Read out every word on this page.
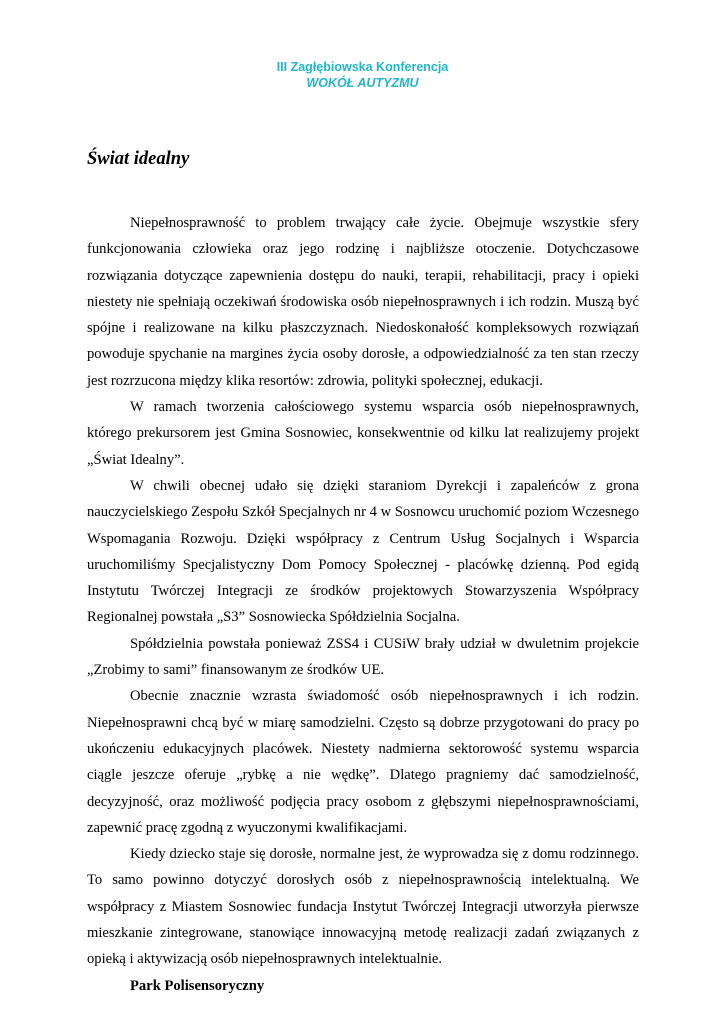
III Zagłębiowska Konferencja
WOKÓŁ AUTYZMU
Świat idealny

Niepełnosprawność to problem trwający całe życie. Obejmuje wszystkie sfery funkcjonowania człowieka oraz jego rodzinę i najbliższe otoczenie. Dotychczasowe rozwiązania dotyczące zapewnienia dostępu do nauki, terapii, rehabilitacji, pracy i opieki niestety nie spełniają oczekiwań środowiska osób niepełnosprawnych i ich rodzin. Muszą być spójne i realizowane na kilku płaszczyznach. Niedoskonałość kompleksowych rozwiązań powoduje spychanie na margines życia osoby dorosłe, a odpowiedzialność za ten stan rzeczy jest rozrzucona między klika resortów: zdrowia, polityki społecznej, edukacji.

W ramach tworzenia całościowego systemu wsparcia osób niepełnosprawnych, którego prekursorem jest Gmina Sosnowiec, konsekwentnie od kilku lat realizujemy projekt „Świat Idealny”.

W chwili obecnej udało się dzięki staraniom Dyrekcji i zapaleńców z grona nauczycielskiego Zespołu Szkół Specjalnych nr 4 w Sosnowcu uruchomić poziom Wczesnego Wspomagania Rozwoju. Dzięki współpracy z Centrum Usług Socjalnych i Wsparcia uruchomiliśmy Specjalistyczny Dom Pomocy Społecznej - placówkę dzienną. Pod egidą Instytutu Twórczej Integracji ze środków projektowych Stowarzyszenia Współpracy Regionalnej powstała „S3” Sosnowiecka Spółdzielnia Socjalna.

Spółdzielnia powstała ponieważ ZSS4 i CUSiW brały udział w dwuletnim projekcie „Zrobimy to sami” finansowanym ze środków UE.

Obecnie znacznie wzrasta świadomość osób niepełnosprawnych i ich rodzin. Niepełnosprawni chcą być w miarę samodzielni. Często są dobrze przygotowani do pracy po ukończeniu edukacyjnych placówek. Niestety nadmierna sektorowość systemu wsparcia ciągle jeszcze oferuje „rybkę a nie wędkę”. Dlatego pragniemy dać samodzielność, decyzyjność, oraz możliwość podjęcia pracy osobom z głębszymi niepełnosprawnościami, zapewnić pracę zgodną z wyuczonymi kwalifikacjami.

Kiedy dziecko staje się dorosłe, normalne jest, że wyprowadza się z domu rodzinnego. To samo powinno dotyczyć dorosłych osób z niepełnosprawnością intelektualną. We współpracy z Miastem Sosnowiec fundacja Instytut Twórczej Integracji utworzyła pierwsze mieszkanie zintegrowane, stanowiące innowacyjną metodę realizacji zadań związanych z opieką i aktywizacją osób niepełnosprawnych intelektualnie.

Park Polisensoryczny
